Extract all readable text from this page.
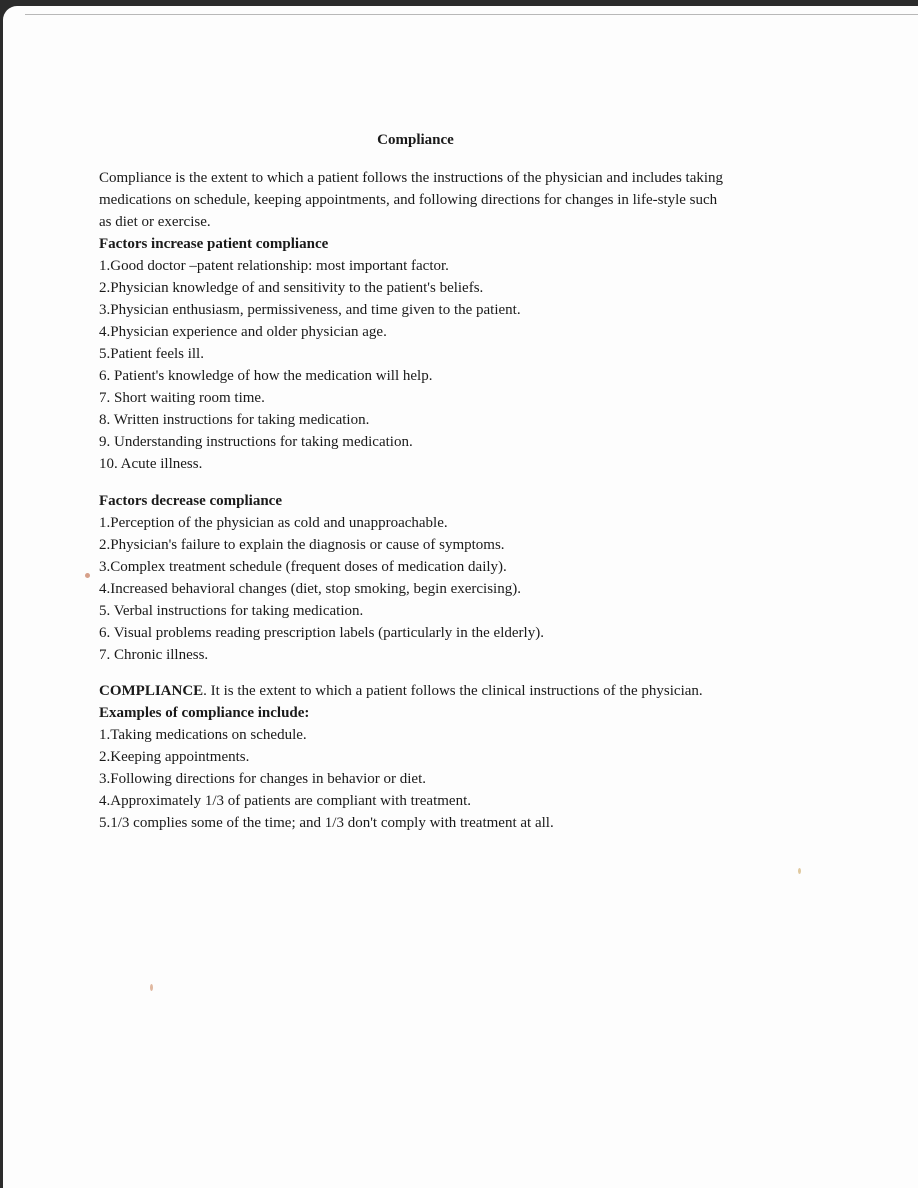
Compliance

Compliance is the extent to which a patient follows the instructions of the physician and includes taking medications on schedule, keeping appointments, and following directions for changes in life-style such as diet or exercise.

Factors increase patient compliance
1.Good doctor –patent relationship: most important factor.
2.Physician knowledge of and sensitivity to the patient's beliefs.
3.Physician enthusiasm, permissiveness, and time given to the patient.
4.Physician experience and older physician age.
5.Patient feels ill.
6. Patient's knowledge of how the medication will help.
7. Short waiting room time.
8. Written instructions for taking medication.
9. Understanding instructions for taking medication.
10. Acute illness.
Factors decrease compliance
1.Perception of the physician as cold and unapproachable.
2.Physician's failure to explain the diagnosis or cause of symptoms.
3.Complex treatment schedule (frequent doses of medication daily).
4.Increased behavioral changes (diet, stop smoking, begin exercising).
5. Verbal instructions for taking medication.
6. Visual problems reading prescription labels (particularly in the elderly).
7. Chronic illness.

COMPLIANCE. It is the extent to which a patient follows the clinical instructions of the physician. Examples of compliance include:

1.Taking medications on schedule.
2.Keeping appointments.
3.Following directions for changes in behavior or diet.
4.Approximately 1/3 of patients are compliant with treatment.
5.1/3 complies some of the time; and 1/3 don't comply with treatment at all.
